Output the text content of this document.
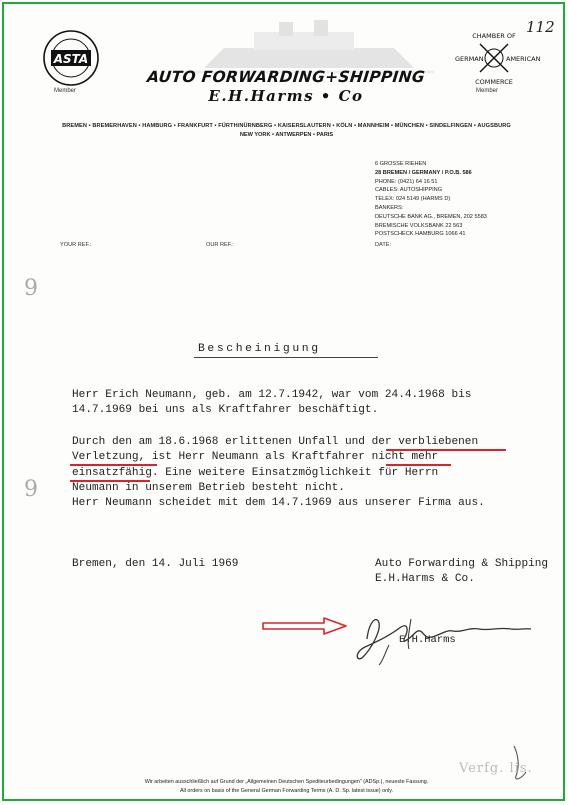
112
ASTA
Member
CHAMBER OF
GERMAN	AMERICAN
COMMERCE
Member
AUTO FORWARDING+SHIPPING
E.H.Harms • Co
BREMEN • BREMERHAVEN • HAMBURG • FRANKFURT • FÜRTH/NÜRNBERG • KAISERSLAUTERN • KÖLN • MANNHEIM • MÜNCHEN • SINDELFINGEN • AUGSBURG
NEW YORK • ANTWERPEN • PARIS
6 GROSSE RIEHEN
28 BREMEN / GERMANY / P.O.B. 586
PHONE: (0421) 64 16 51
CABLES: AUTOSHIPPING
TELEX: 024 5149 (HARMS D)
BANKERS:
DEUTSCHE BANK AG., BREMEN, 202 5583
BREMISCHE VOLKSBANK 22 563
POSTSCHECK HAMBURG 1066 41
YOUR REF.:	OUR REF.:	DATE:
9
9
Bescheinigung
Herr Erich Neumann, geb. am 12.7.1942, war vom 24.4.1968 bis
14.7.1969 bei uns als Kraftfahrer beschäftigt.
Durch den am 18.6.1968 erlittenen Unfall und der verbliebenen
Verletzung, ist Herr Neumann als Kraftfahrer nicht mehr
einsatzfähig. Eine weitere Einsatzmöglichkeit für Herrn
Neumann in unserem Betrieb besteht nicht.
Herr Neumann scheidet mit dem 14.7.1969 aus unserer Firma aus.
Bremen, den 14. Juli 1969	Auto Forwarding & Shipping
E.H.Harms & Co.
E.H.Harms
Verfg. lis.
Wir arbeiten ausschließlich auf Grund der „Allgemeinen Deutschen Spediteurbedingungen" (ADSp.), neueste Fassung.
All orders on basis of the General German Forwarding Terms (A. D. Sp. latest issue) only.
